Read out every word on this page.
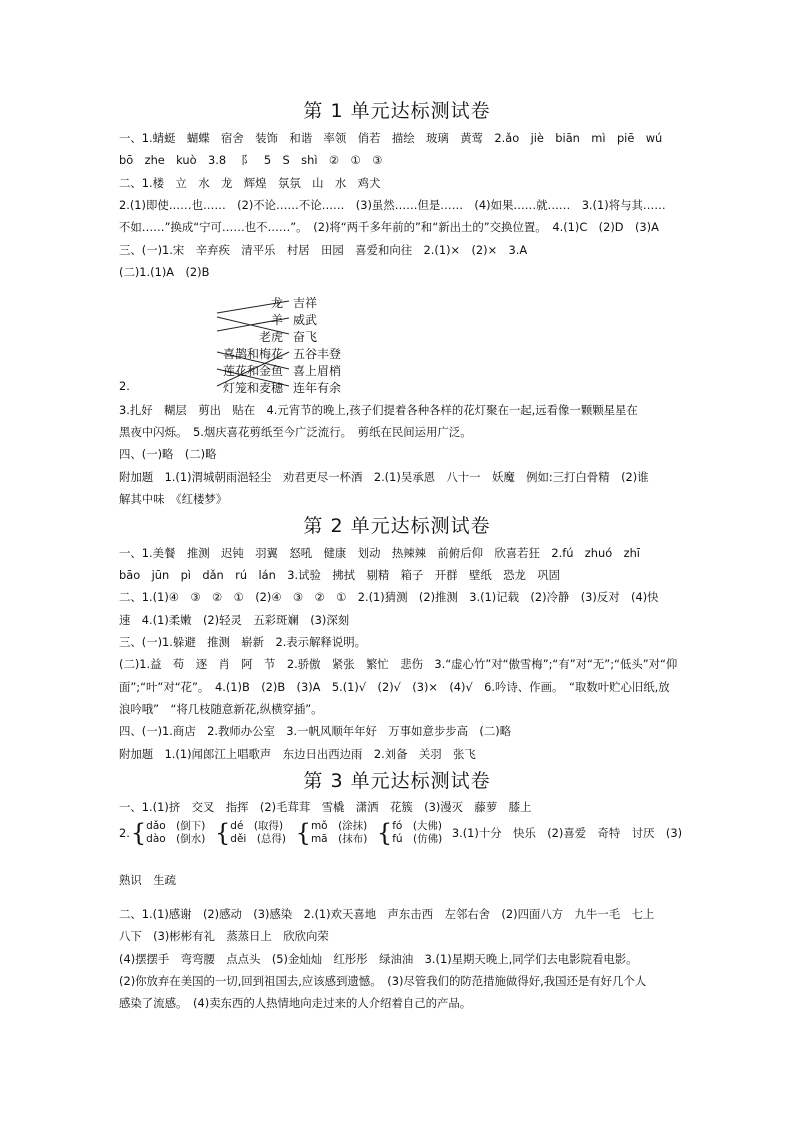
第 1 单元达标测试卷
一、1.蜻蜓　蝴蝶　宿舍　装饰　和谐　率领　俏若　描绘　玻璃　黄莺　2.ǎo　jiè　biān　mì　piē　wú
bō　zhe　kuò　3.8　 ⻖　5　S　shì　②　①　③
二、1.楼　立　水　龙　辉煌　氛氛　山　水　鸡犬
2.(1)即使……也……　(2)不论……不论……　(3)虽然……但是……　(4)如果……就……　3.(1)将与其……
不如……”换成“宁可……也不……”。　(2)将“两千多年前的”和“新出土的”交换位置。　4.(1)C　(2)D　(3)A
三、(一)1.宋　辛弃疾　清平乐　村居　田园　喜爱和向往　2.(1)×　(2)×　3.A
(二)1.(1)A　(2)B
龙
羊
老虎
喜鹊和梅花
莲花和金鱼
灯笼和麦穗
2.
吉祥
威武
奋飞
五谷丰登
喜上眉梢
连年有余
3.扎好　糊层　剪出　贴在　4.元宵节的晚上,孩子们提着各种各样的花灯聚在一起,远看像一颗颗星星在
黑夜中闪烁。　5.烟庆喜花剪纸至今广泛流行。　剪纸在民间运用广泛。
四、(一)略　(二)略
附加题　1.(1)渭城朝雨浥轻尘　劝君更尽一杯酒　2.(1)吴承恩　八十一　妖魔　例如:三打白骨精　(2)谁
解其中味　《红楼梦》
第 2 单元达标测试卷
一、1.美餐　推测　迟钝　羽翼　怒吼　健康　划动　热辣辣　前俯后仰　欣喜若狂　2.fú　zhuó　zhī
bāo　jūn　pì　dǎn　rú　lán　3.试验　拂拭　剔精　箱子　开群　壁纸　恐龙　巩固
二、1.(1)④　③　②　①　(2)④　③　②　①　2.(1)猜测　(2)推测　3.(1)记载　(2)冷静　(3)反对　(4)快
速　4.(1)柔嫩　(2)轻灵　五彩斑斓　(3)深刻
三、(一)1.躲避　推测　崭新　2.表示解释说明。
(二)1.益　苟　逐　肖　阿　节　2.骄傲　紧张　繁忙　悲伤　3.“虚心竹”对“傲雪梅”;“有”对“无”;“低头”对“仰
面”;“叶”对“花”。　4.(1)B　(2)B　(3)A　5.(1)√　(2)√　(3)×　(4)√　6.吟诗、作画。　“取数叶贮心旧纸,放
浪吟哦”　“将几枝随意新花,纵横穿插”。
四、(一)1.商店　2.教师办公室　3.一帆风顺年年好　万事如意步步高　(二)略
附加题　1.(1)闻郎江上唱歌声　东边日出西边雨　2.刘备　关羽　张飞
第 3 单元达标测试卷
一、1.(1)挤　交叉　指挥　(2)毛茸茸　雪橇　潇洒　花簇　(3)漫灭　藤萝　膝上
2.{dǎo　(倒下)
dào　(倒水) {dé　(取得)
děi　(总得) {mǒ　(涂抹)
mā　(抹布) {fó　(大佛)
fú　(仿佛) 3.(1)十分　快乐　(2)喜爱　奇特　讨厌　(3)
熟识　生疏
二、1.(1)感谢　(2)感动　(3)感染　2.(1)欢天喜地　声东击西　左邻右舍　(2)四面八方　九牛一毛　七上
八下　(3)彬彬有礼　蒸蒸日上　欣欣向荣
(4)摆摆手　弯弯腰　点点头　(5)金灿灿　红彤彤　绿油油　3.(1)星期天晚上,同学们去电影院看电影。
(2)你放弃在美国的一切,回到祖国去,应该感到遗憾。　(3)尽管我们的防范措施做得好,我国还是有好几个人
感染了流感。　(4)卖东西的人热情地向走过来的人介绍着自己的产品。
